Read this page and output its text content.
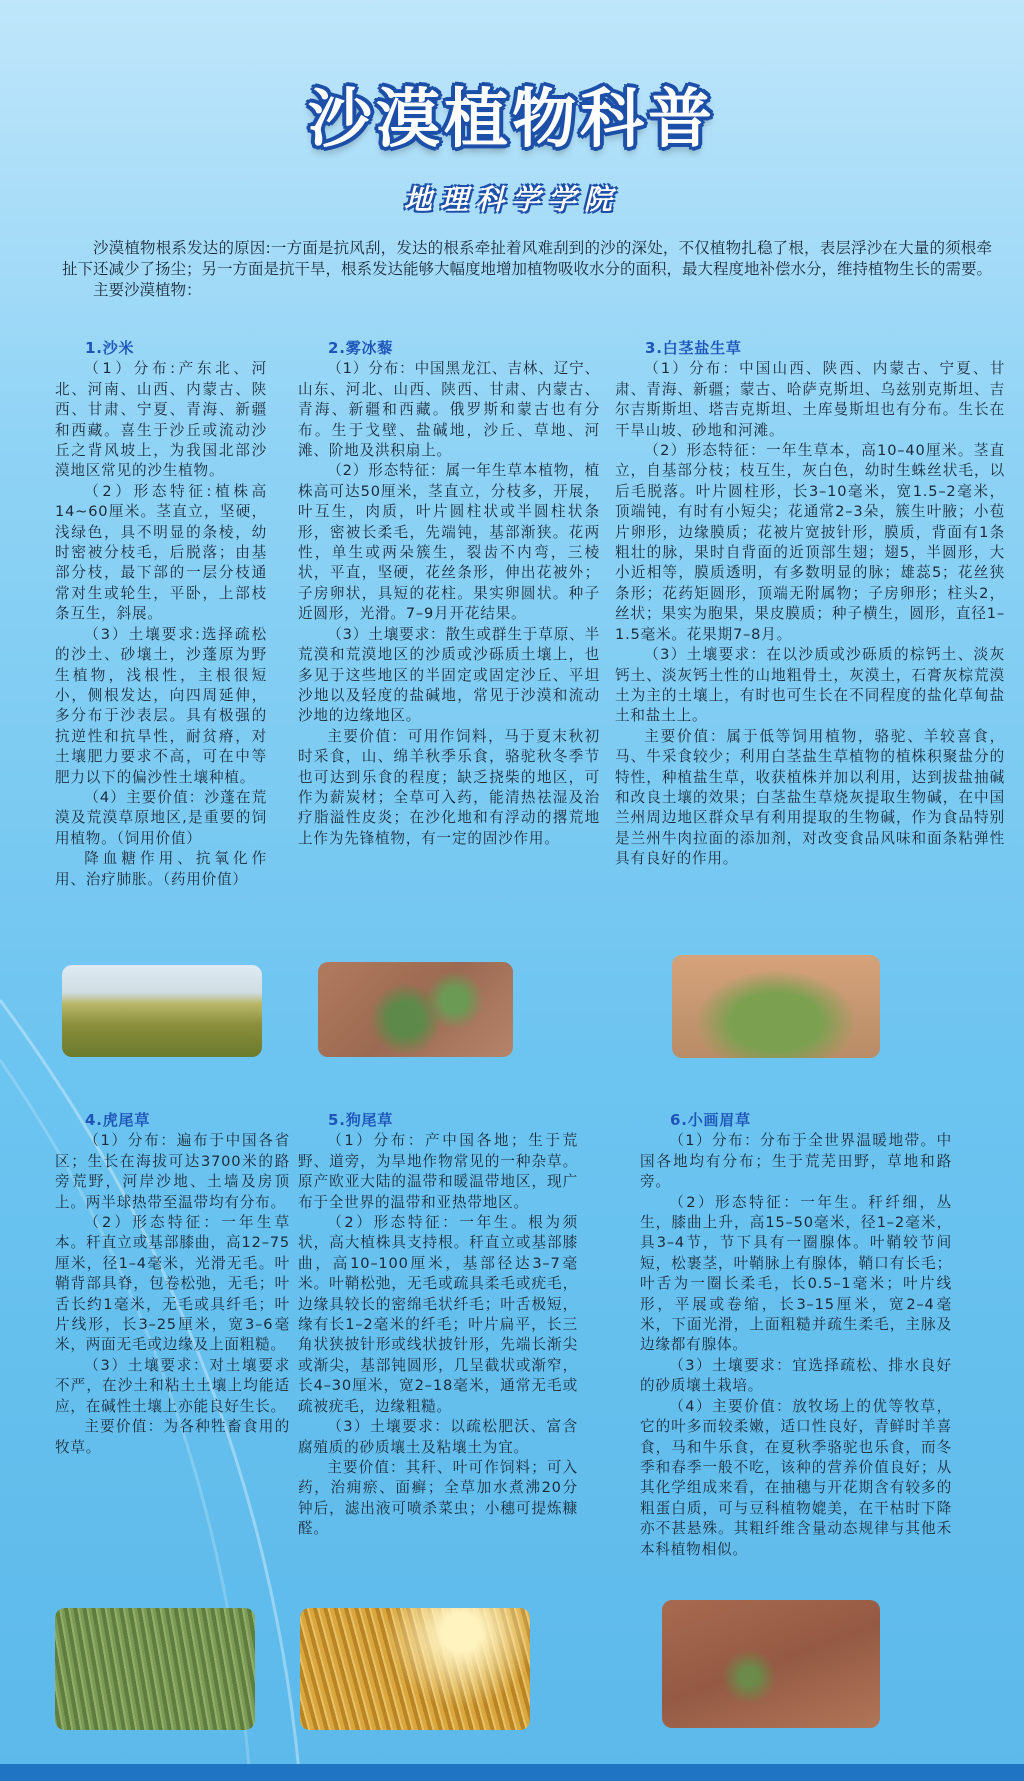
沙漠植物科普
地理科学学院

沙漠植物根系发达的原因:一方面是抗风刮，发达的根系牵扯着风难刮到的沙的深处，不仅植物扎稳了根，表层浮沙在大量的须根牵扯下还减少了扬尘；另一方面是抗干旱，根系发达能够大幅度地增加植物吸收水分的面积，最大程度地补偿水分，维持植物生长的需要。

主要沙漠植物：

1.沙米

（1）分布:产东北、河北、河南、山西、内蒙古、陕西、甘肃、宁夏、青海、新疆和西藏。喜生于沙丘或流动沙丘之背风坡上，为我国北部沙漠地区常见的沙生植物。

（2）形态特征:植株高14~60厘米。茎直立，坚硬，浅绿色，具不明显的条棱，幼时密被分枝毛，后脱落；由基部分枝，最下部的一层分枝通常对生或轮生，平卧，上部枝条互生，斜展。

（3）土壤要求:选择疏松的沙土、砂壤土，沙蓬原为野生植物，浅根性，主根很短小，侧根发达，向四周延伸，多分布于沙表层。具有极强的抗逆性和抗旱性，耐贫瘠，对土壤肥力要求不高，可在中等肥力以下的偏沙性土壤种植。

（4）主要价值：沙蓬在荒漠及荒漠草原地区,是重要的饲用植物。（饲用价值）

降血糖作用、抗氧化作用、治疗肺胀。（药用价值）

2.雾冰藜

（1）分布：中国黑龙江、吉林、辽宁、山东、河北、山西、陕西、甘肃、内蒙古、青海、新疆和西藏。俄罗斯和蒙古也有分布。生于戈壁、盐碱地，沙丘、草地、河滩、阶地及洪积扇上。

（2）形态特征：属一年生草本植物，植株高可达50厘米，茎直立，分枝多，开展，叶互生，肉质，叶片圆柱状或半圆柱状条形，密被长柔毛，先端钝，基部渐狭。花两性，单生或两朵簇生，裂齿不内弯，三棱状，平直，坚硬，花丝条形，伸出花被外；子房卵状，具短的花柱。果实卵圆状。种子近圆形，光滑。7–9月开花结果。

（3）土壤要求：散生或群生于草原、半荒漠和荒漠地区的沙质或沙砾质土壤上，也多见于这些地区的半固定或固定沙丘、平坦沙地以及轻度的盐碱地，常见于沙漠和流动沙地的边缘地区。

主要价值：可用作饲料，马于夏末秋初时采食，山、绵羊秋季乐食，骆驼秋冬季节也可达到乐食的程度；缺乏挠柴的地区，可作为薪炭材；全草可入药，能清热祛湿及治疗脂溢性皮炎；在沙化地和有浮动的撂荒地上作为先锋植物，有一定的固沙作用。

3.白茎盐生草

（1）分布：中国山西、陕西、内蒙古、宁夏、甘肃、青海、新疆；蒙古、哈萨克斯坦、乌兹别克斯坦、吉尔吉斯斯坦、塔吉克斯坦、土库曼斯坦也有分布。生长在干旱山坡、砂地和河滩。

（2）形态特征：一年生草本，高10–40厘米。茎直立，自基部分枝；枝互生，灰白色，幼时生蛛丝状毛，以后毛脱落。叶片圆柱形，长3–10毫米，宽1.5–2毫米，顶端钝，有时有小短尖；花通常2–3朵，簇生叶腋；小苞片卵形，边缘膜质；花被片宽披针形，膜质，背面有1条粗壮的脉，果时自背面的近顶部生翅；翅5，半圆形，大小近相等，膜质透明，有多数明显的脉；雄蕊5；花丝狭条形；花药矩圆形，顶端无附属物；子房卵形；柱头2，丝状；果实为胞果，果皮膜质；种子横生，圆形，直径1–1.5毫米。花果期7–8月。

（3）土壤要求：在以沙质或沙砾质的棕钙土、淡灰钙土、淡灰钙土性的山地粗骨土，灰漠土，石膏灰棕荒漠土为主的土壤上，有时也可生长在不同程度的盐化草甸盐土和盐土上。

主要价值：属于低等饲用植物，骆驼、羊较喜食，马、牛采食较少；利用白茎盐生草植物的植株积聚盐分的特性，种植盐生草，收获植株并加以利用，达到拔盐抽碱和改良土壤的效果；白茎盐生草烧灰提取生物碱，在中国兰州周边地区群众早有利用提取的生物碱，作为食品特别是兰州牛肉拉面的添加剂，对改变食品风味和面条粘弹性具有良好的作用。

4.虎尾草

（1）分布：遍布于中国各省区；生长在海拔可达3700米的路旁荒野，河岸沙地、土墙及房顶上。两半球热带至温带均有分布。

（2）形态特征：一年生草本。秆直立或基部膝曲，高12–75厘米，径1–4毫米，光滑无毛。叶鞘背部具脊，包卷松弛，无毛；叶舌长约1毫米，无毛或具纤毛；叶片线形，长3–25厘米，宽3–6毫米，两面无毛或边缘及上面粗糙。

（3）土壤要求：对土壤要求不严，在沙土和粘土土壤上均能适应，在碱性土壤上亦能良好生长。

主要价值：为各种牲畜食用的牧草。

5.狗尾草

（1）分布：产中国各地；生于荒野、道旁，为旱地作物常见的一种杂草。原产欧亚大陆的温带和暖温带地区，现广布于全世界的温带和亚热带地区。

（2）形态特征：一年生。根为须状，高大植株具支持根。秆直立或基部膝曲，高10–100厘米，基部径达3–7毫米。叶鞘松弛，无毛或疏具柔毛或疣毛，边缘具较长的密绵毛状纤毛；叶舌极短，缘有长1–2毫米的纤毛；叶片扁平，长三角状狭披针形或线状披针形，先端长渐尖或渐尖，基部钝圆形，几呈截状或渐窄，长4–30厘米，宽2–18毫米，通常无毛或疏被疣毛，边缘粗糙。

（3）土壤要求：以疏松肥沃、富含腐殖质的砂质壤土及粘壤土为宜。

主要价值：其秆、叶可作饲料；可入药，治痈瘀、面癣；全草加水煮沸20分钟后，滤出液可喷杀菜虫；小穗可提炼糠醛。

6.小画眉草

（1）分布：分布于全世界温暖地带。中国各地均有分布；生于荒芜田野，草地和路旁。

（2）形态特征：一年生。秆纤细，丛生，膝曲上升，高15–50毫米，径1–2毫米，具3–4节，节下具有一圈腺体。叶鞘较节间短，松裹茎，叶鞘脉上有腺体，鞘口有长毛；叶舌为一圈长柔毛，长0.5–1毫米；叶片线形，平展或卷缩，长3–15厘米，宽2–4毫米，下面光滑，上面粗糙并疏生柔毛，主脉及边缘都有腺体。

（3）土壤要求：宜选择疏松、排水良好的砂质壤土栽培。

（4）主要价值：放牧场上的优等牧草，它的叶多而较柔嫩，适口性良好，青鲜时羊喜食，马和牛乐食，在夏秋季骆驼也乐食，而冬季和春季一般不吃，该种的营养价值良好；从其化学组成来看，在抽穗与开花期含有较多的粗蛋白质，可与豆科植物媲美，在干枯时下降亦不甚悬殊。其粗纤维含量动态规律与其他禾本科植物相似。
